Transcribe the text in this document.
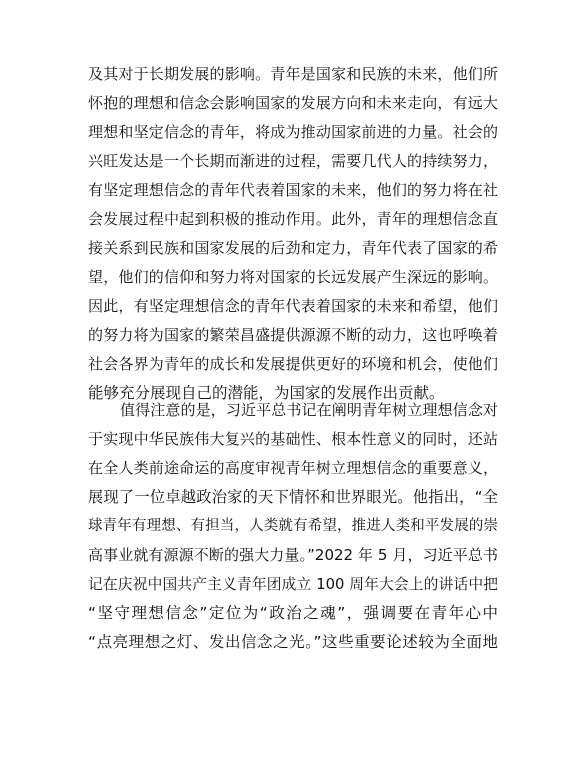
及其对于长期发展的影响。青年是国家和民族的未来，他们所
怀抱的理想和信念会影响国家的发展方向和未来走向，有远大
理想和坚定信念的青年，将成为推动国家前进的力量。社会的
兴旺发达是一个长期而渐进的过程，需要几代人的持续努力，
有坚定理想信念的青年代表着国家的未来，他们的努力将在社
会发展过程中起到积极的推动作用。此外，青年的理想信念直
接关系到民族和国家发展的后劲和定力，青年代表了国家的希
望，他们的信仰和努力将对国家的长远发展产生深远的影响。
因此，有坚定理想信念的青年代表着国家的未来和希望，他们
的努力将为国家的繁荣昌盛提供源源不断的动力，这也呼唤着
社会各界为青年的成长和发展提供更好的环境和机会，使他们
能够充分展现自己的潜能，为国家的发展作出贡献。
值得注意的是，习近平总书记在阐明青年树立理想信念对
于实现中华民族伟大复兴的基础性、根本性意义的同时，还站
在全人类前途命运的高度审视青年树立理想信念的重要意义，
展现了一位卓越政治家的天下情怀和世界眼光。他指出，“全
球青年有理想、有担当，人类就有希望，推进人类和平发展的崇
高事业就有源源不断的强大力量。”2022 年 5 月，习近平总书
记在庆祝中国共产主义青年团成立 100 周年大会上的讲话中把
“坚守理想信念”定位为“政治之魂”，强调要在青年心中
“点亮理想之灯、发出信念之光。”这些重要论述较为全面地
